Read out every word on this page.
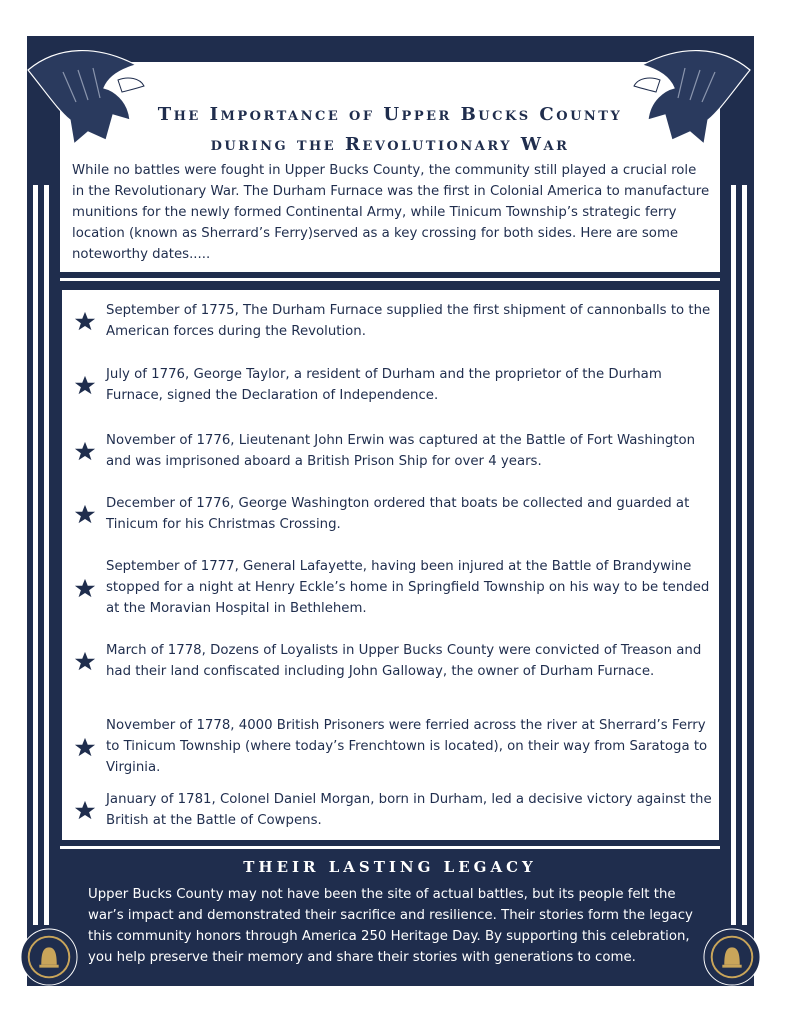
The Importance of Upper Bucks County
during the Revolutionary War

While no battles were fought in Upper Bucks County, the community still played a crucial role in the Revolutionary War. The Durham Furnace was the first in Colonial America to manufacture munitions for the newly formed Continental Army, while Tinicum Township’s strategic ferry location (known as Sherrard’s Ferry)served as a key crossing for both sides. Here are some noteworthy dates.....

September of 1775, The Durham Furnace supplied the first shipment of cannonballs to the American forces during the Revolution.

July of 1776, George Taylor, a resident of Durham and the proprietor of the Durham Furnace, signed the Declaration of Independence.

November of 1776, Lieutenant John Erwin was captured at the Battle of Fort Washington and was imprisoned aboard a British Prison Ship for over 4 years.

December of 1776, George Washington ordered that boats be collected and guarded at Tinicum for his Christmas Crossing.

September of 1777, General Lafayette, having been injured at the Battle of Brandywine stopped for a night at Henry Eckle’s home in Springfield Township on his way to be tended at the Moravian Hospital in Bethlehem.

March of 1778, Dozens of Loyalists in Upper Bucks County were convicted of Treason and had their land confiscated including John Galloway, the owner of Durham Furnace.

November of 1778, 4000 British Prisoners were ferried across the river at Sherrard’s Ferry to Tinicum Township (where today’s Frenchtown is located), on their way from Saratoga to Virginia.

January of 1781, Colonel Daniel Morgan, born in Durham, led a decisive victory against the British at the Battle of Cowpens.

THEIR LASTING LEGACY

Upper Bucks County may not have been the site of actual battles, but its people felt the war’s impact and demonstrated their sacrifice and resilience. Their stories form the legacy this community honors through America 250 Heritage Day. By supporting this celebration, you help preserve their memory and share their stories with generations to come.
